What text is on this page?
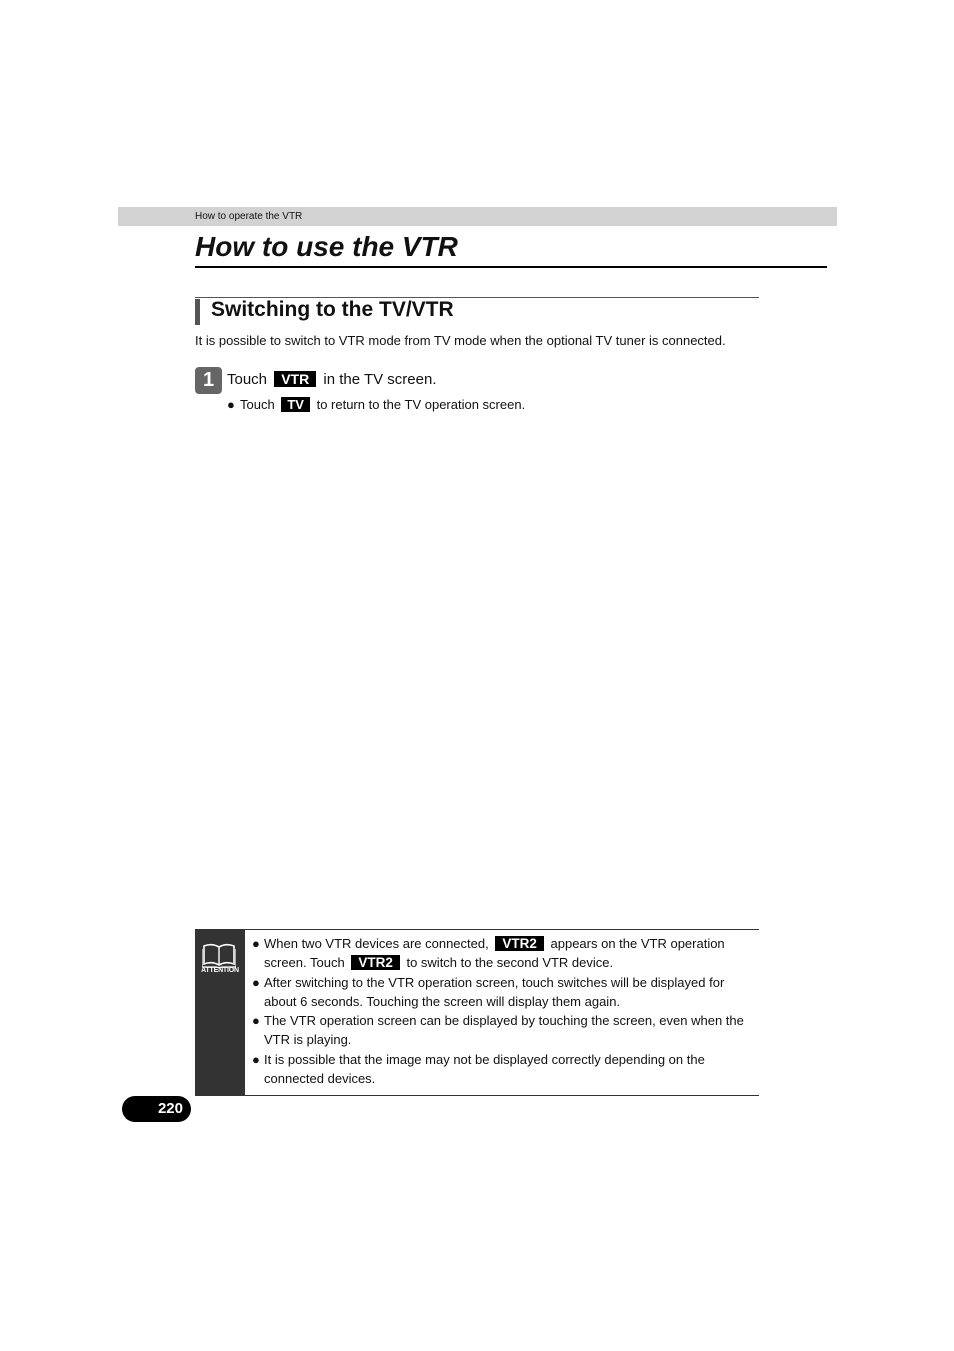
How to operate the VTR
How to use the VTR
Switching to the TV/VTR
It is possible to switch to VTR mode from TV mode when the optional TV tuner is connected.
1 Touch VTR in the TV screen.
● Touch TV to return to the TV operation screen.
ATTENTION
● When two VTR devices are connected, VTR2 appears on the VTR operation screen. Touch VTR2 to switch to the second VTR device.
● After switching to the VTR operation screen, touch switches will be displayed for about 6 seconds. Touching the screen will display them again.
● The VTR operation screen can be displayed by touching the screen, even when the VTR is playing.
● It is possible that the image may not be displayed correctly depending on the connected devices.
220
